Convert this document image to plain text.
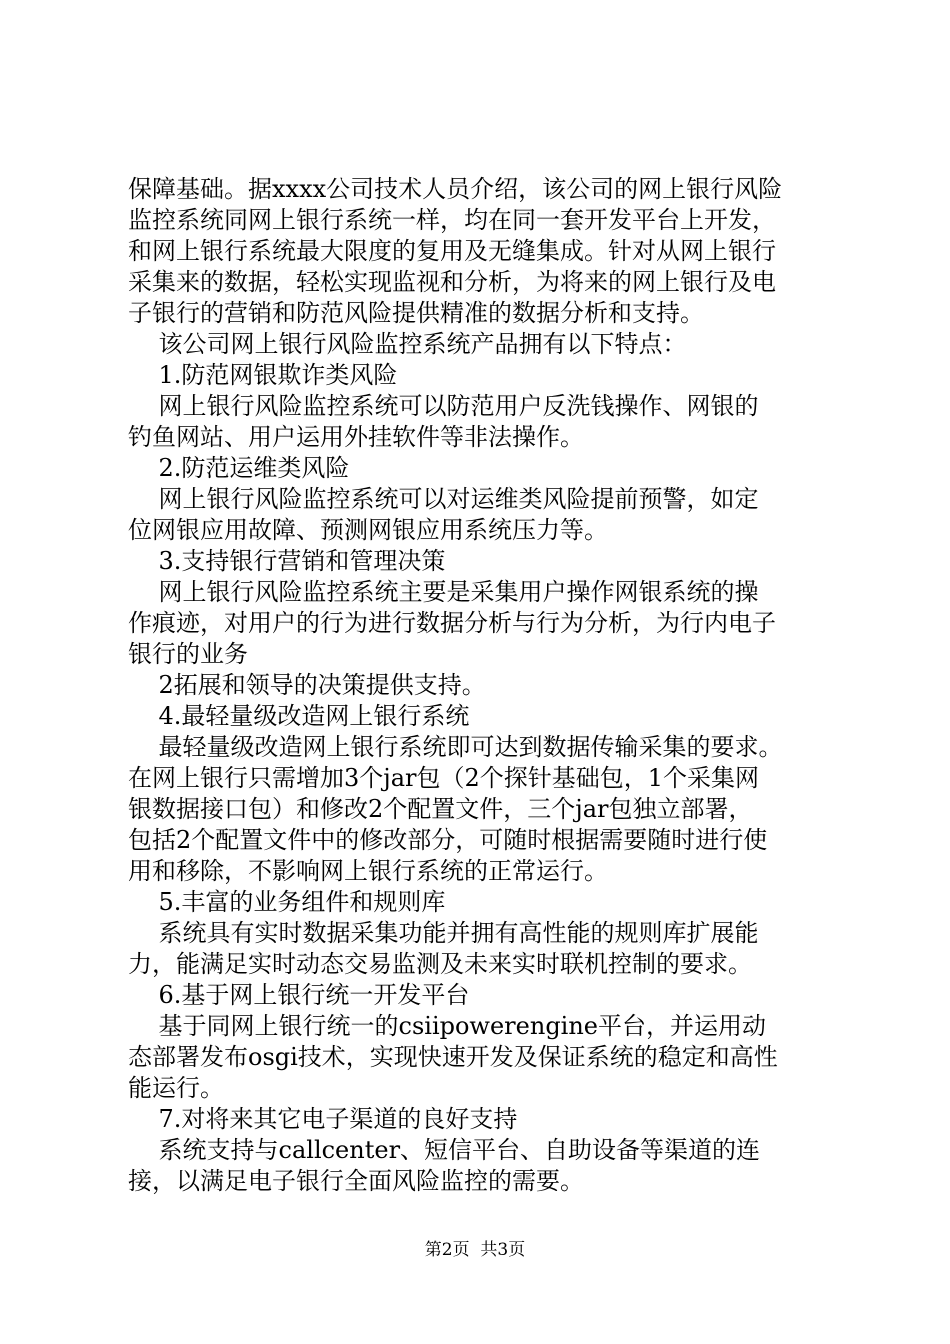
保障基础。据xxxx公司技术人员介绍，该公司的网上银行风险
监控系统同网上银行系统一样，均在同一套开发平台上开发，
和网上银行系统最大限度的复用及无缝集成。针对从网上银行
采集来的数据，轻松实现监视和分析，为将来的网上银行及电
子银行的营销和防范风险提供精准的数据分析和支持。
该公司网上银行风险监控系统产品拥有以下特点：
1.防范网银欺诈类风险
网上银行风险监控系统可以防范用户反洗钱操作、网银的
钓鱼网站、用户运用外挂软件等非法操作。
2.防范运维类风险
网上银行风险监控系统可以对运维类风险提前预警，如定
位网银应用故障、预测网银应用系统压力等。
3.支持银行营销和管理决策
网上银行风险监控系统主要是采集用户操作网银系统的操
作痕迹，对用户的行为进行数据分析与行为分析，为行内电子
银行的业务
2拓展和领导的决策提供支持。
4.最轻量级改造网上银行系统
最轻量级改造网上银行系统即可达到数据传输采集的要求。
在网上银行只需增加3个jar包（2个探针基础包，1个采集网
银数据接口包）和修改2个配置文件，三个jar包独立部署，
包括2个配置文件中的修改部分，可随时根据需要随时进行使
用和移除，不影响网上银行系统的正常运行。
5.丰富的业务组件和规则库
系统具有实时数据采集功能并拥有高性能的规则库扩展能
力，能满足实时动态交易监测及未来实时联机控制的要求。
6.基于网上银行统一开发平台
基于同网上银行统一的csiipowerengine平台，并运用动
态部署发布osgi技术，实现快速开发及保证系统的稳定和高性
能运行。
7.对将来其它电子渠道的良好支持
系统支持与callcenter、短信平台、自助设备等渠道的连
接，以满足电子银行全面风险监控的需要。
第2页  共3页
